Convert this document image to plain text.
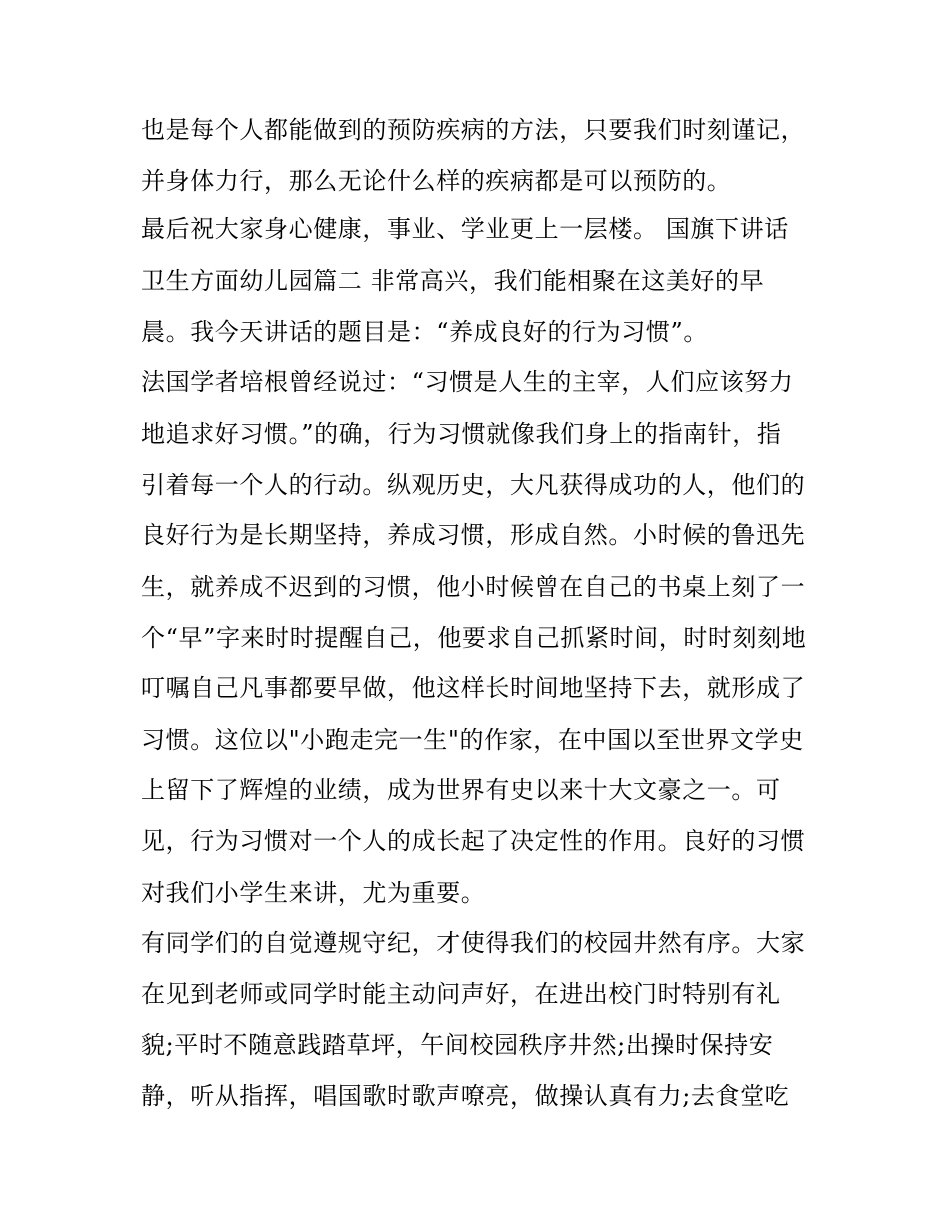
也是每个人都能做到的预防疾病的方法，只要我们时刻谨记，
并身体力行，那么无论什么样的疾病都是可以预防的。
最后祝大家身心健康，事业、学业更上一层楼。 国旗下讲话
卫生方面幼儿园篇二 非常高兴，我们能相聚在这美好的早
晨。我今天讲话的题目是：“养成良好的行为习惯”。
法国学者培根曾经说过：“习惯是人生的主宰，人们应该努力
地追求好习惯。”的确，行为习惯就像我们身上的指南针，指
引着每一个人的行动。纵观历史，大凡获得成功的人，他们的
良好行为是长期坚持，养成习惯，形成自然。小时候的鲁迅先
生，就养成不迟到的习惯，他小时候曾在自己的书桌上刻了一
个“早”字来时时提醒自己，他要求自己抓紧时间，时时刻刻地
叮嘱自己凡事都要早做，他这样长时间地坚持下去，就形成了
习惯。这位以"小跑走完一生"的作家，在中国以至世界文学史
上留下了辉煌的业绩，成为世界有史以来十大文豪之一。可
见，行为习惯对一个人的成长起了决定性的作用。良好的习惯
对我们小学生来讲，尤为重要。
有同学们的自觉遵规守纪，才使得我们的校园井然有序。大家
在见到老师或同学时能主动问声好，在进出校门时特别有礼
貌;平时不随意践踏草坪，午间校园秩序井然;出操时保持安
静，听从指挥，唱国歌时歌声嘹亮，做操认真有力;去食堂吃
